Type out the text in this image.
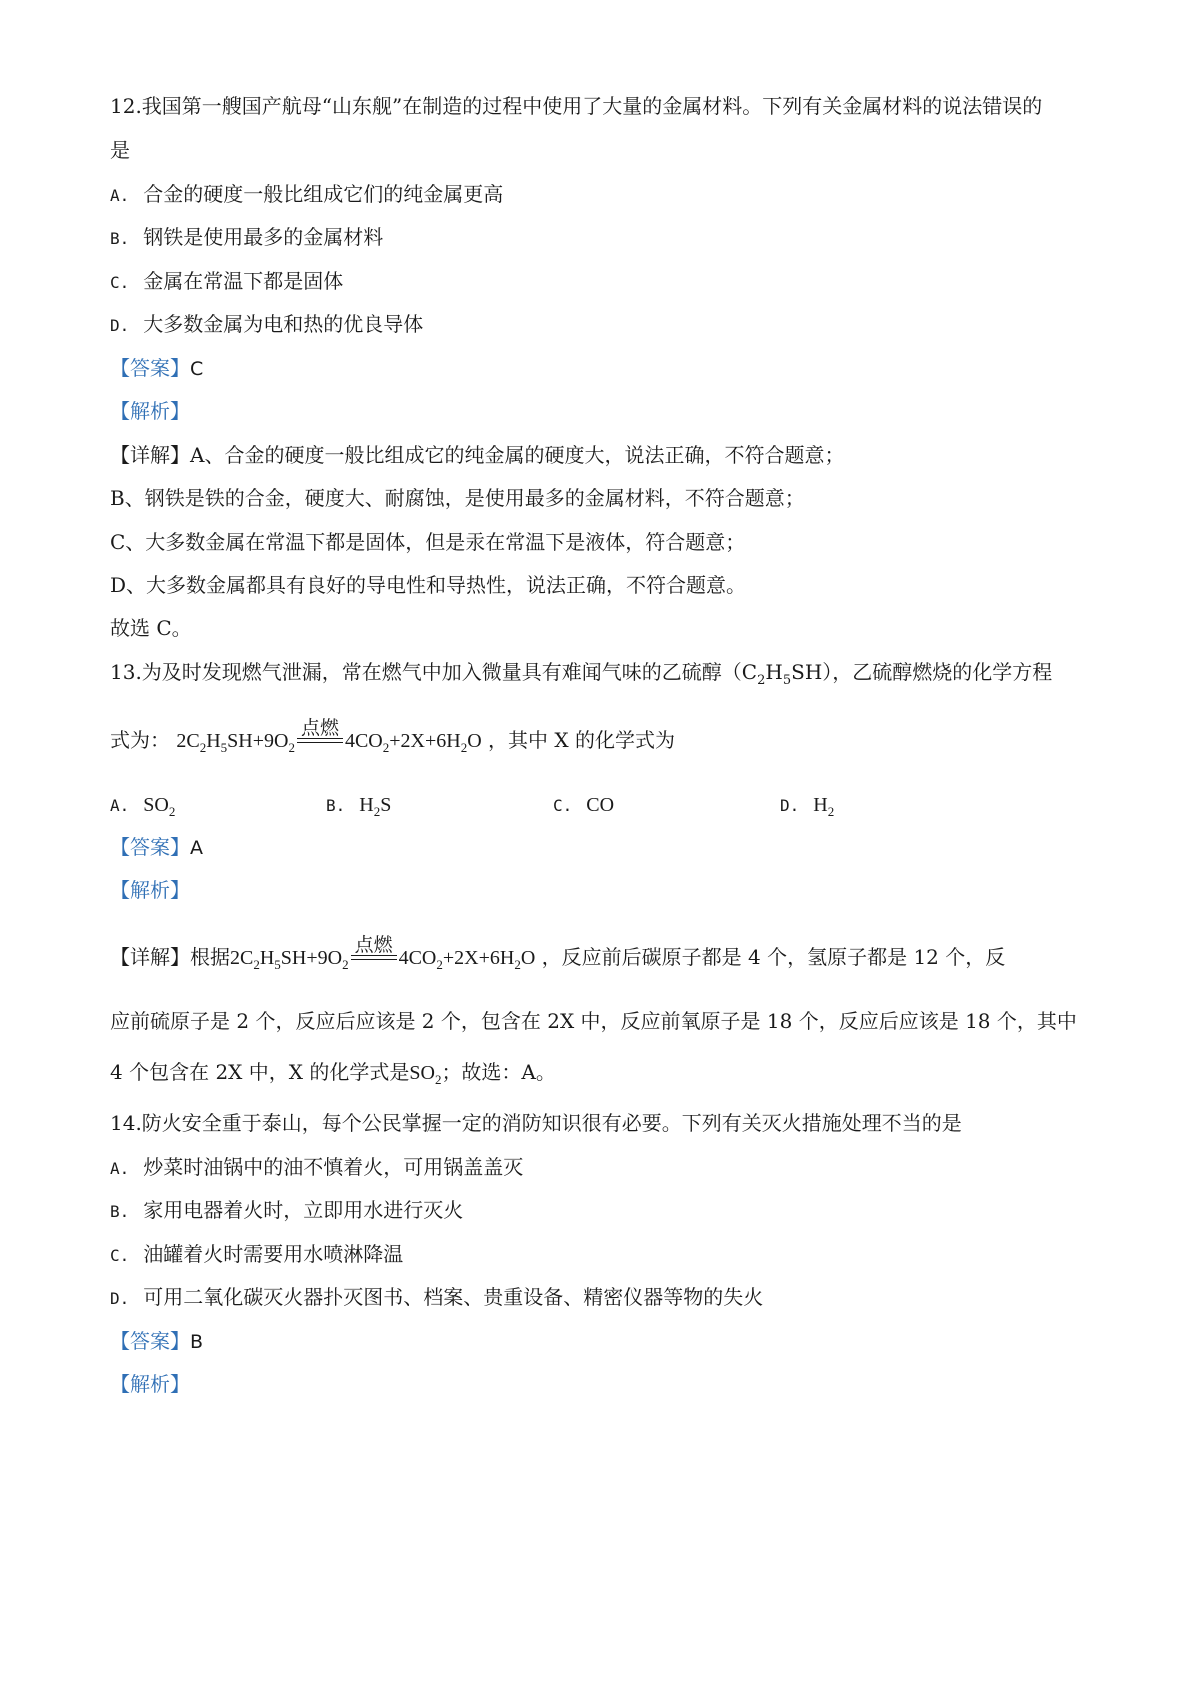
12.我国第一艘国产航母“山东舰”在制造的过程中使用了大量的金属材料。下列有关金属材料的说法错误的
是
A. 合金的硬度一般比组成它们的纯金属更高
B. 钢铁是使用最多的金属材料
C. 金属在常温下都是固体
D. 大多数金属为电和热的优良导体
【答案】C
【解析】
【详解】A、合金的硬度一般比组成它的纯金属的硬度大，说法正确，不符合题意；
B、钢铁是铁的合金，硬度大、耐腐蚀，是使用最多的金属材料，不符合题意；
C、大多数金属在常温下都是固体，但是汞在常温下是液体，符合题意；
D、大多数金属都具有良好的导电性和导热性，说法正确，不符合题意。
故选 C。
13.为及时发现燃气泄漏，常在燃气中加入微量具有难闻气味的乙硫醇$(C_2H_5SH)$，乙硫醇燃烧的化学方程
式为： $2C_2H_5SH+9O_2$
点燃
$4CO_2+2X+6H_2O$ ，其中 X 的化学式为
A. $SO_2$	B. $H_2S$	C. CO	D. $H_2$
【答案】A
【解析】
【详解】根据$2C_2H_5SH+9O_2$
点燃
$4CO_2+2X+6H_2O$ ，反应前后碳原子都是 4 个，氢原子都是 12 个，反
应前硫原子是 2 个，反应后应该是 2 个，包含在 2X 中，反应前氧原子是 18 个，反应后应该是 18 个，其中
4 个包含在 2X 中，X 的化学式是$SO_2$；故选：A。
14.防火安全重于泰山，每个公民掌握一定的消防知识很有必要。下列有关灭火措施处理不当的是
A. 炒菜时油锅中的油不慎着火，可用锅盖盖灭
B. 家用电器着火时，立即用水进行灭火
C. 油罐着火时需要用水喷淋降温
D. 可用二氧化碳灭火器扑灭图书、档案、贵重设备、精密仪器等物的失火
【答案】B
【解析】
